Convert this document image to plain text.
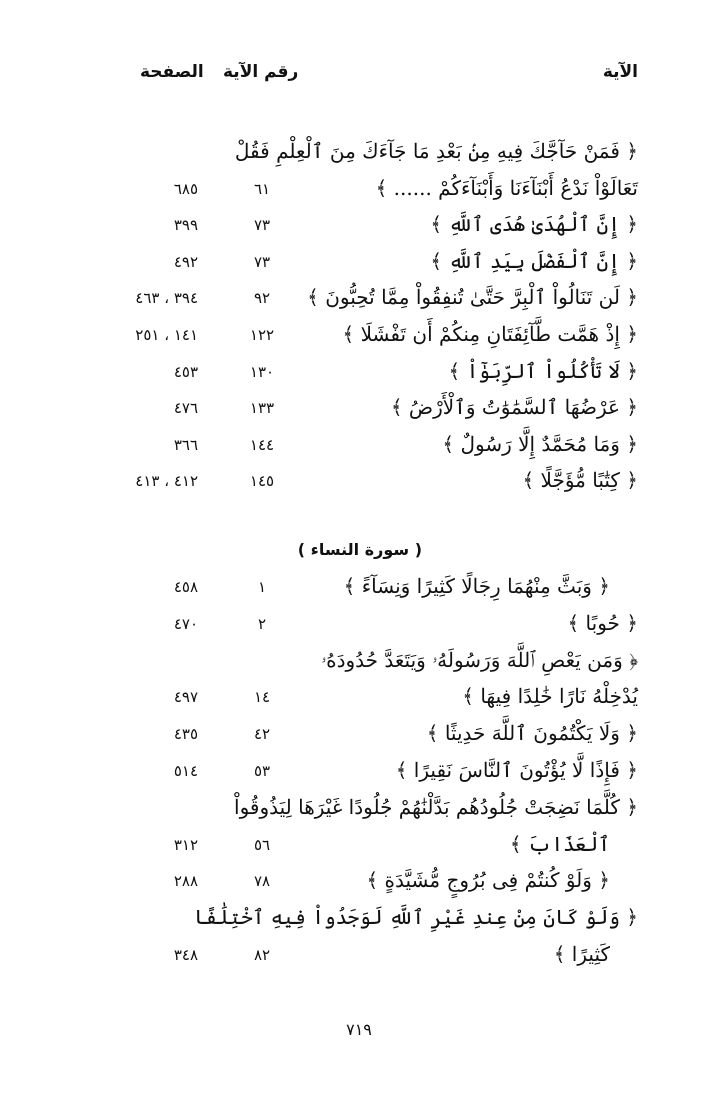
الآية
رقم الآية
الصفحة
﴿ فَمَنْ حَآجَّكَ فِيهِ مِنۢ بَعْدِ مَا جَآءَكَ مِنَ ٱلْعِلْمِ فَقُلْ
تَعَالَوْاْ نَدْعُ أَبْنَآءَنَا وَأَبْنَآءَكُمْ ...... ﴾
٦١
٦٨٥
﴿ إِنَّ ٱلْهُدَىٰ هُدَى ٱللَّهِ ﴾
٧٣
٣٩٩
﴿ إِنَّ ٱلْفَضْلَ بِيَدِ ٱللَّهِ ﴾
٧٣
٤٩٢
﴿ لَن تَنَالُواْ ٱلْبِرَّ حَتَّىٰ تُنفِقُواْ مِمَّا تُحِبُّونَ ﴾
٩٢
٣٩٤ ، ٤٦٣
﴿ إِذْ هَمَّت طَّآئِفَتَانِ مِنكُمْ أَن تَفْشَلَا ﴾
١٢٢
١٤١ ، ٢٥١
﴿ لَا تَأْكُلُواْ ٱلرِّبَوٰٓاْ ﴾
١٣٠
٤٥٣
﴿ عَرْضُهَا ٱلسَّمَٰوَٰتُ وَٱلْأَرْضُ ﴾
١٣٣
٤٧٦
﴿ وَمَا مُحَمَّدٌ إِلَّا رَسُولٌ ﴾
١٤٤
٣٦٦
﴿ كِتَٰبًا مُّؤَجَّلًا ﴾
١٤٥
٤١٢ ، ٤١٣
( سورة النساء )
﴿ وَبَثَّ مِنْهُمَا رِجَالًا كَثِيرًا وَنِسَآءً ﴾
١
٤٥٨
﴿ حُوبًا ﴾
٢
٤٧٠
﴿ وَمَن يَعْصِ ٱللَّهَ وَرَسُولَهُۥ وَيَتَعَدَّ حُدُودَهُۥ
يُدْخِلْهُ نَارًا خَٰلِدًا فِيهَا ﴾
١٤
٤٩٧
﴿ وَلَا يَكْتُمُونَ ٱللَّهَ حَدِيثًا ﴾
٤٢
٤٣٥
﴿ فَإِذًا لَّا يُؤْتُونَ ٱلنَّاسَ نَقِيرًا ﴾
٥٣
٥١٤
﴿ كُلَّمَا نَضِجَتْ جُلُودُهُم بَدَّلْنَٰهُمْ جُلُودًا غَيْرَهَا لِيَذُوقُواْ
ٱلْعَذَابَ ﴾
٥٦
٣١٢
﴿ وَلَوْ كُنتُمْ فِى بُرُوجٍ مُّشَيَّدَةٍ ﴾
٧٨
٢٨٨
﴿ وَلَوْ كَانَ مِنْ عِندِ غَيْرِ ٱللَّهِ لَوَجَدُواْ فِيهِ ٱخْتِلَٰفًا
كَثِيرًا ﴾
٨٢
٣٤٨
٧١٩
